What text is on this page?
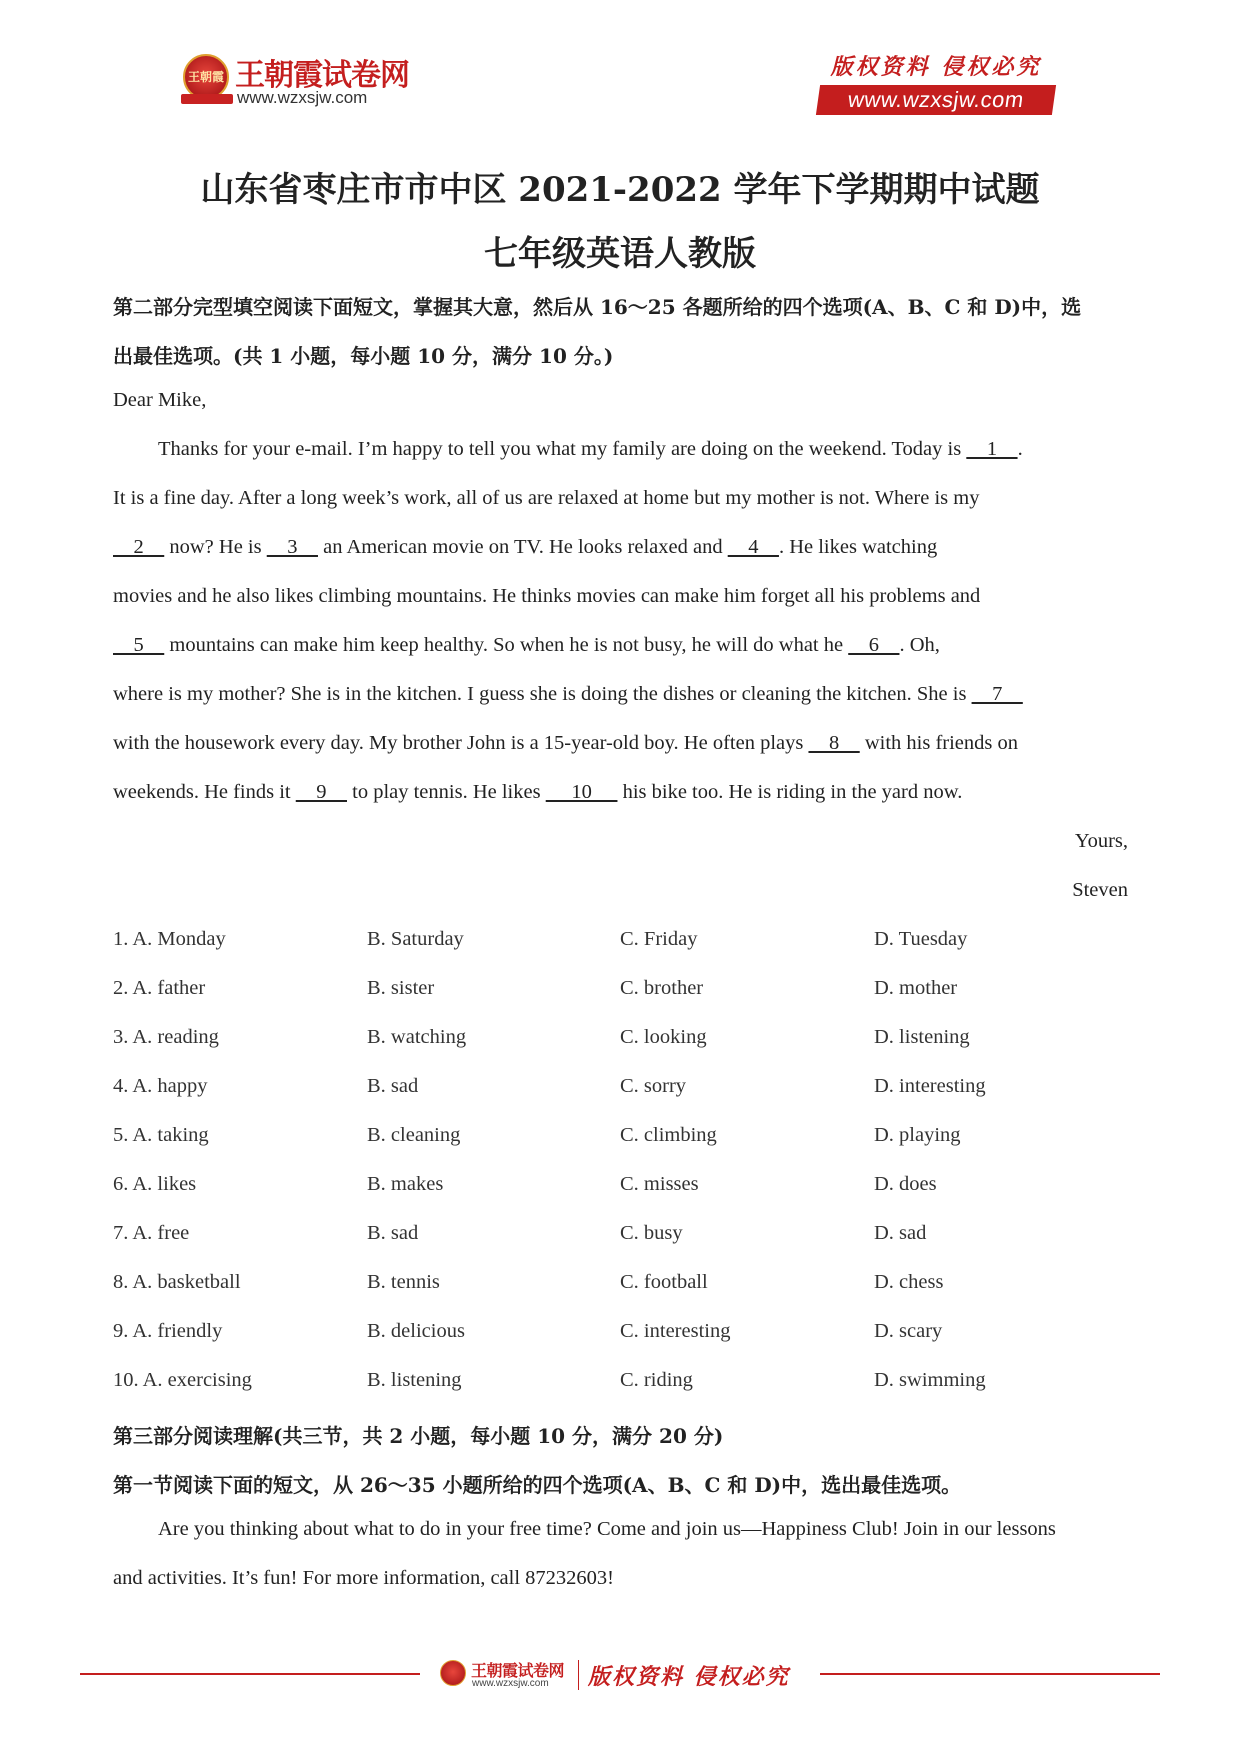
王朝霞 王朝霞试卷网
www.wzxsjw.com
版权资料 侵权必究
www.wzxsjw.com
山东省枣庄市市中区 2021-2022 学年下学期期中试题
七年级英语人教版
第二部分完型填空阅读下面短文，掌握其大意，然后从 16～25 各题所给的四个选项(A、B、C 和 D)中，选
出最佳选项。(共 1 小题，每小题 10 分，满分 10 分。)
Dear Mike,
Thanks for your e-mail. I’m happy to tell you what my family are doing on the weekend. Today is     1    .
It is a fine day. After a long week’s work, all of us are relaxed at home but my mother is not. Where is my
2     now? He is     3     an American movie on TV. He looks relaxed and     4    . He likes watching
movies and he also likes climbing mountains. He thinks movies can make him forget all his problems and
5     mountains can make him keep healthy. So when he is not busy, he will do what he     6    . Oh,
where is my mother? She is in the kitchen. I guess she is doing the dishes or cleaning the kitchen. She is     7
with the housework every day. My brother John is a 15-year-old boy. He often plays     8     with his friends on
weekends. He finds it     9     to play tennis. He likes      10      his bike too. He is riding in the yard now.
Yours,
Steven
1. A. Monday	B. Saturday	C. Friday	D. Tuesday
2. A. father	B. sister	C. brother	D. mother
3. A. reading	B. watching	C. looking	D. listening
4. A. happy	B. sad	C. sorry	D. interesting
5. A. taking	B. cleaning	C. climbing	D. playing
6. A. likes	B. makes	C. misses	D. does
7. A. free	B. sad	C. busy	D. sad
8. A. basketball	B. tennis	C. football	D. chess
9. A. friendly	B. delicious	C. interesting	D. scary
10. A. exercising	B. listening	C. riding	D. swimming
第三部分阅读理解(共三节，共 2 小题，每小题 10 分，满分 20 分)
第一节阅读下面的短文，从 26～35 小题所给的四个选项(A、B、C 和 D)中，选出最佳选项。
Are you thinking about what to do in your free time? Come and join us—Happiness Club! Join in our lessons
and activities. It’s fun! For more information, call 87232603!
王朝霞试卷网
www.wzxsjw.com 版权资料 侵权必究
